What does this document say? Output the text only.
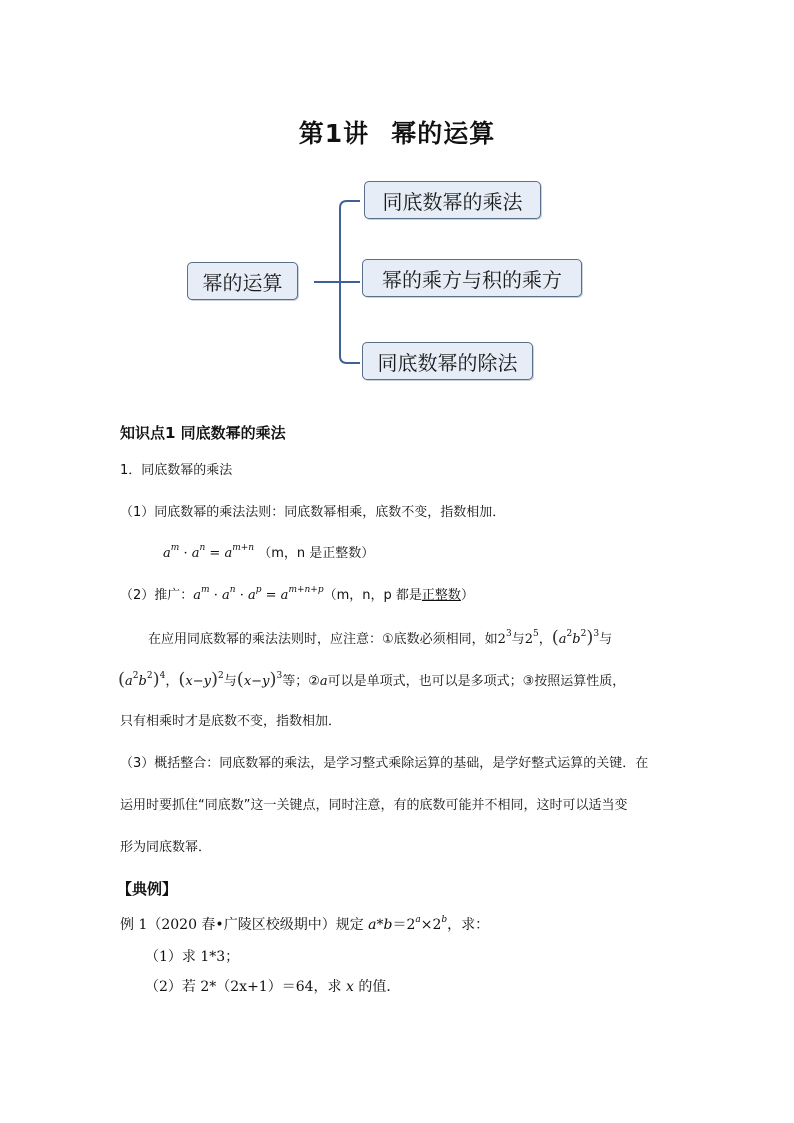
第1讲 幂的运算
幂的运算
同底数幂的乘法
幂的乘方与积的乘方
同底数幂的除法
知识点1 同底数幂的乘法
1．同底数幂的乘法
（1）同底数幂的乘法法则：同底数幂相乘，底数不变，指数相加．
$a^m \cdot a^n = a^{m+n}$ （m，n 是正整数）
（2）推广：$a^m \cdot a^n \cdot a^p = a^{m+n+p}(m$，n，p 都是正整数）
在应用同底数幂的乘法法则时，应注意：①底数必须相同，如$2^3$与$2^5$，$(a^2b^2)^3$与
$(a^2b^2)^4$，$(x-y)^2$与$(x-y)^3$等；②a可以是单项式，也可以是多项式；③按照运算性质，
只有相乘时才是底数不变，指数相加．
（3）概括整合：同底数幂的乘法，是学习整式乘除运算的基础，是学好整式运算的关键．在
运用时要抓住“同底数”这一关键点，同时注意，有的底数可能并不相同，这时可以适当变
形为同底数幂．
【典例】
例 1（2020 春•广陵区校级期中）规定 $a*b=2^a\times 2^b$，求：
（1）求 1*3；
（2）若 2*（2x+1）＝64，求 x 的值．
